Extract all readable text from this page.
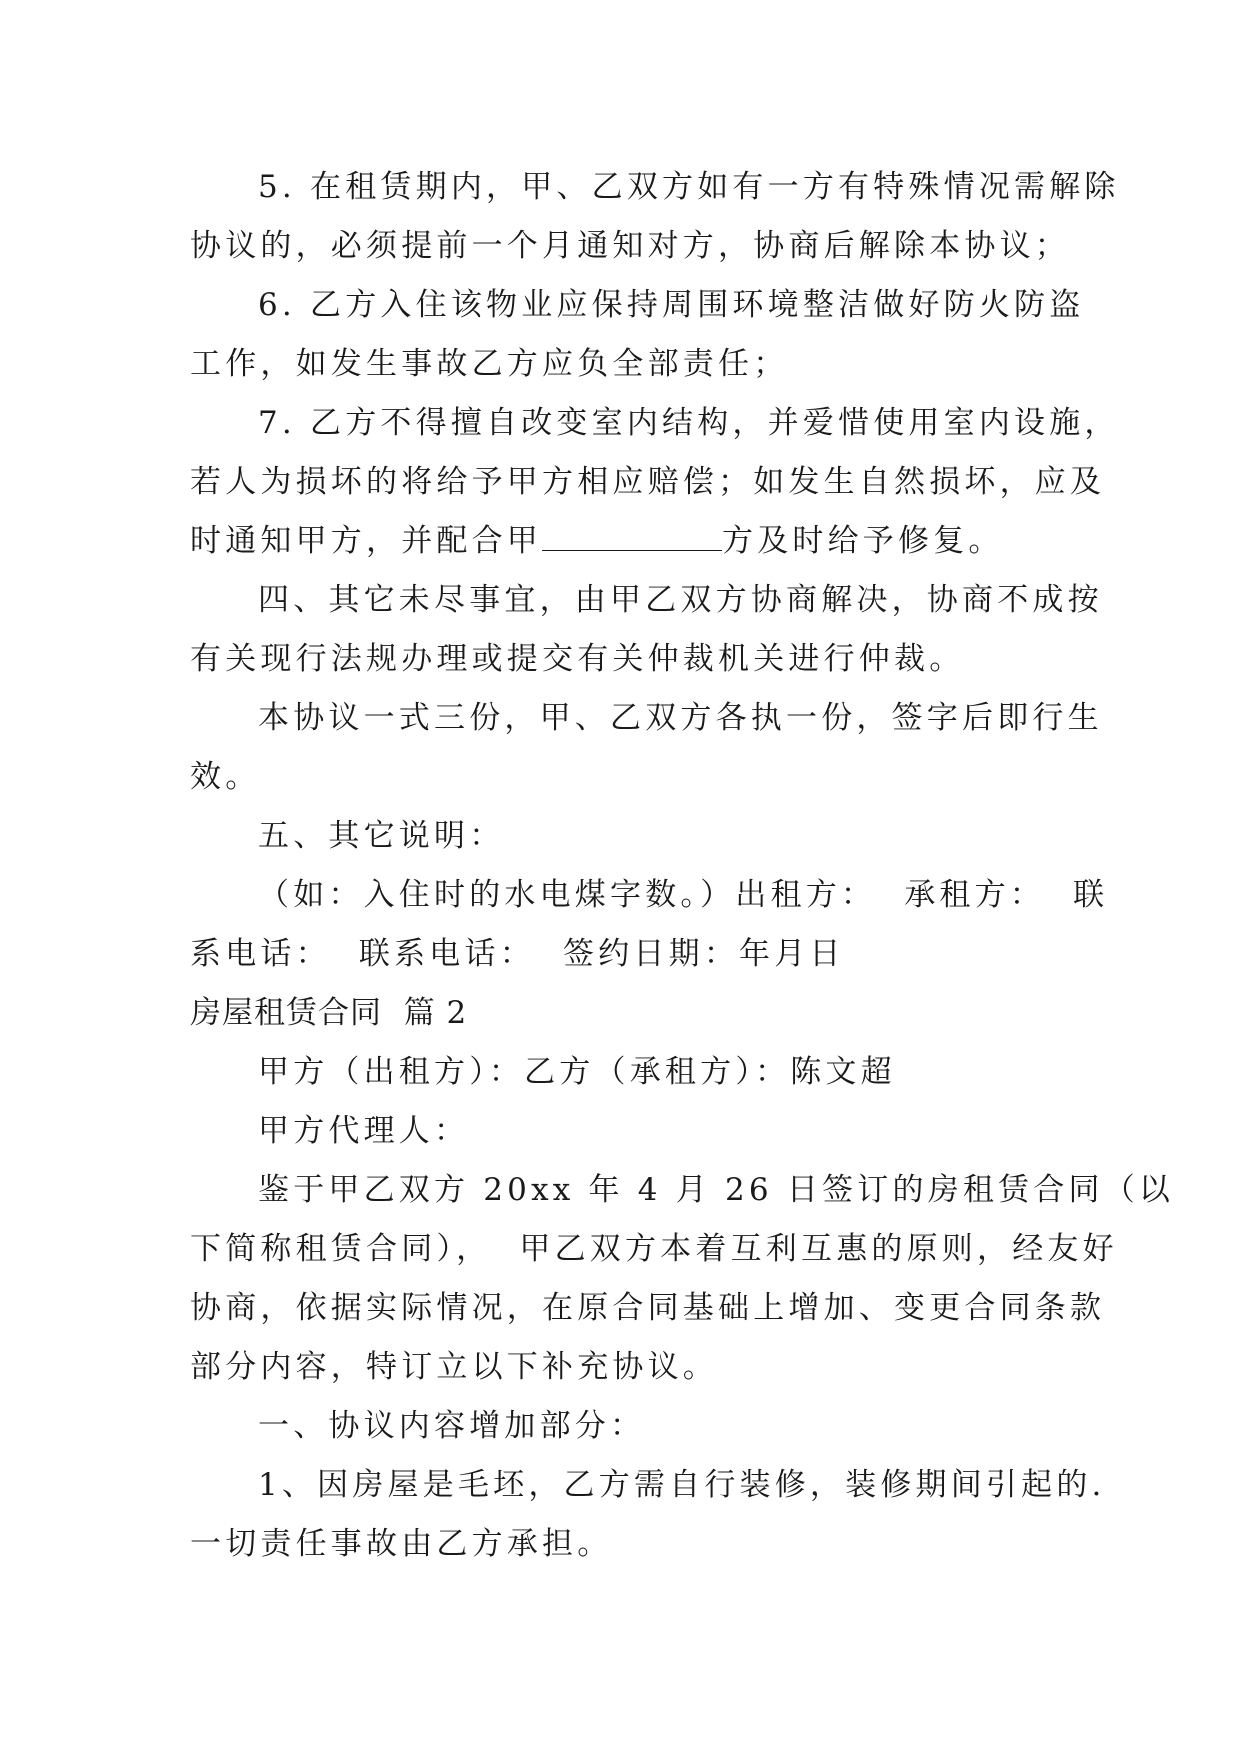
5. 在租赁期内，甲、乙双方如有一方有特殊情况需解除

协议的，必须提前一个月通知对方，协商后解除本协议；

6. 乙方入住该物业应保持周围环境整洁做好防火防盗

工作，如发生事故乙方应负全部责任；

7. 乙方不得擅自改变室内结构，并爱惜使用室内设施，

若人为损坏的将给予甲方相应赔偿；如发生自然损坏，应及

时通知甲方，并配合甲	方及时给予修复。

四、其它未尽事宜，由甲乙双方协商解决，协商不成按

有关现行法规办理或提交有关仲裁机关进行仲裁。

本协议一式三份，甲、乙双方各执一份，签字后即行生

效。

五、其它说明：

（如：入住时的水电煤字数。）出租方：  承租方：  联

系电话：  联系电话：  签约日期：年月日

房屋租赁合同  篇 2

甲方（出租方）：乙方（承租方）：陈文超

甲方代理人：

鉴于甲乙双方 20xx 年 4 月 26 日签订的房租赁合同（以

下简称租赁合同），  甲乙双方本着互利互惠的原则，经友好

协商，依据实际情况，在原合同基础上增加、变更合同条款

部分内容，特订立以下补充协议。

一、协议内容增加部分：

1、因房屋是毛坯，乙方需自行装修，装修期间引起的.

一切责任事故由乙方承担。
